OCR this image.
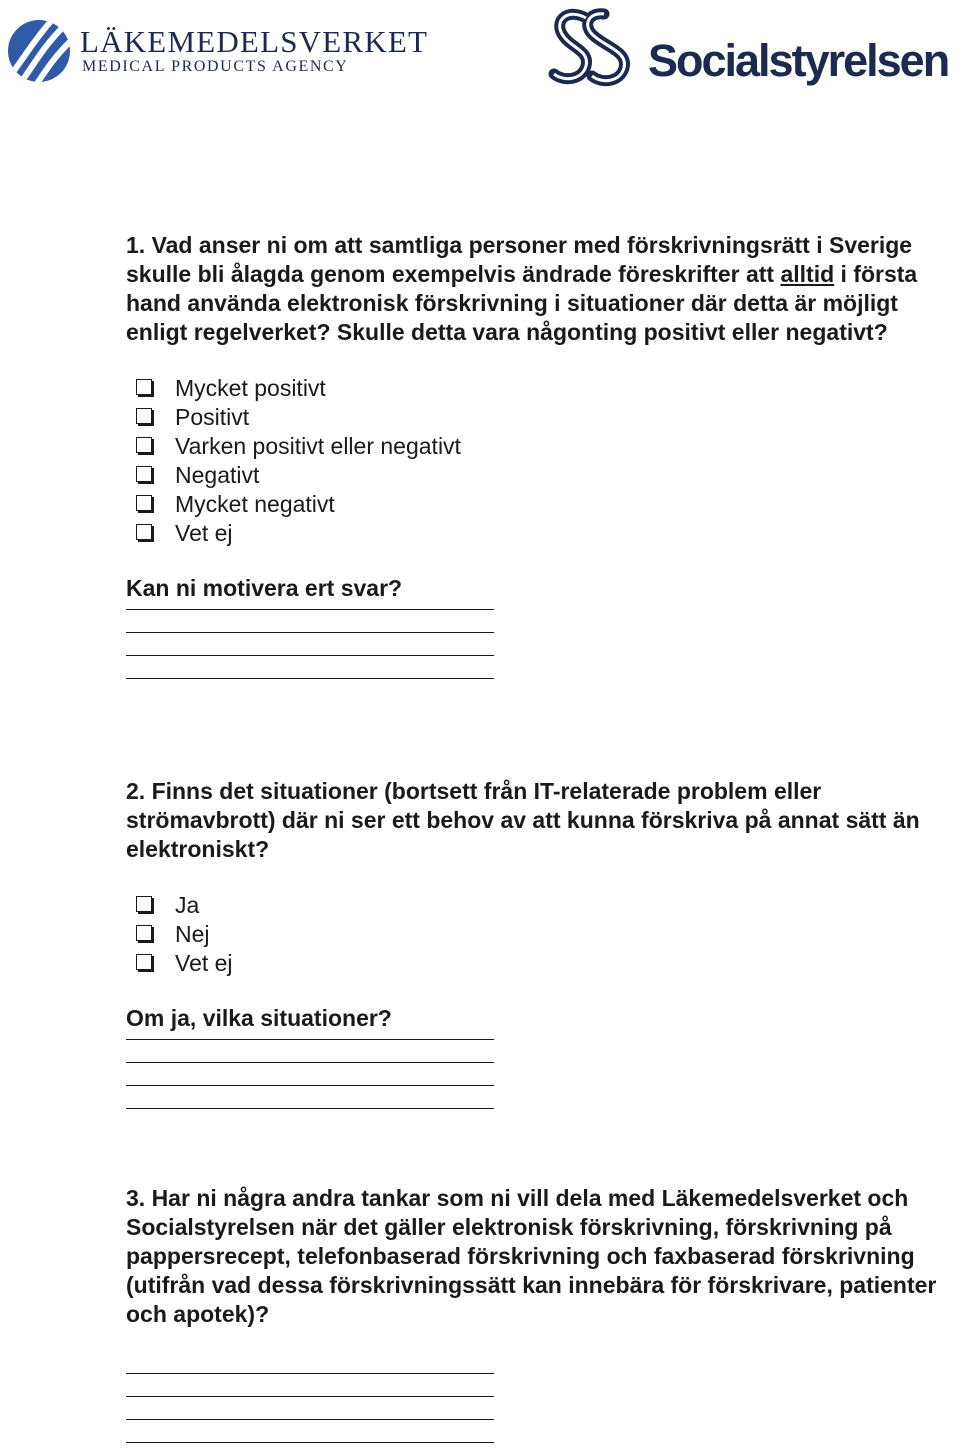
LÄKEMEDELSVERKET
MEDICAL PRODUCTS AGENCY	Socialstyrelsen

1. Vad anser ni om att samtliga personer med förskrivningsrätt i Sverige skulle bli ålagda genom exempelvis ändrade föreskrifter att alltid i första hand använda elektronisk förskrivning i situationer där detta är möjligt enligt regelverket? Skulle detta vara någonting positivt eller negativt?

Mycket positivt
Positivt
Varken positivt eller negativt
Negativt
Mycket negativt
Vet ej

Kan ni motivera ert svar?

2. Finns det situationer (bortsett från IT-relaterade problem eller strömavbrott) där ni ser ett behov av att kunna förskriva på annat sätt än elektroniskt?

Ja
Nej
Vet ej

Om ja, vilka situationer?

3. Har ni några andra tankar som ni vill dela med Läkemedelsverket och Socialstyrelsen när det gäller elektronisk förskrivning, förskrivning på pappersrecept, telefonbaserad förskrivning och faxbaserad förskrivning (utifrån vad dessa förskrivningssätt kan innebära för förskrivare, patienter och apotek)?
